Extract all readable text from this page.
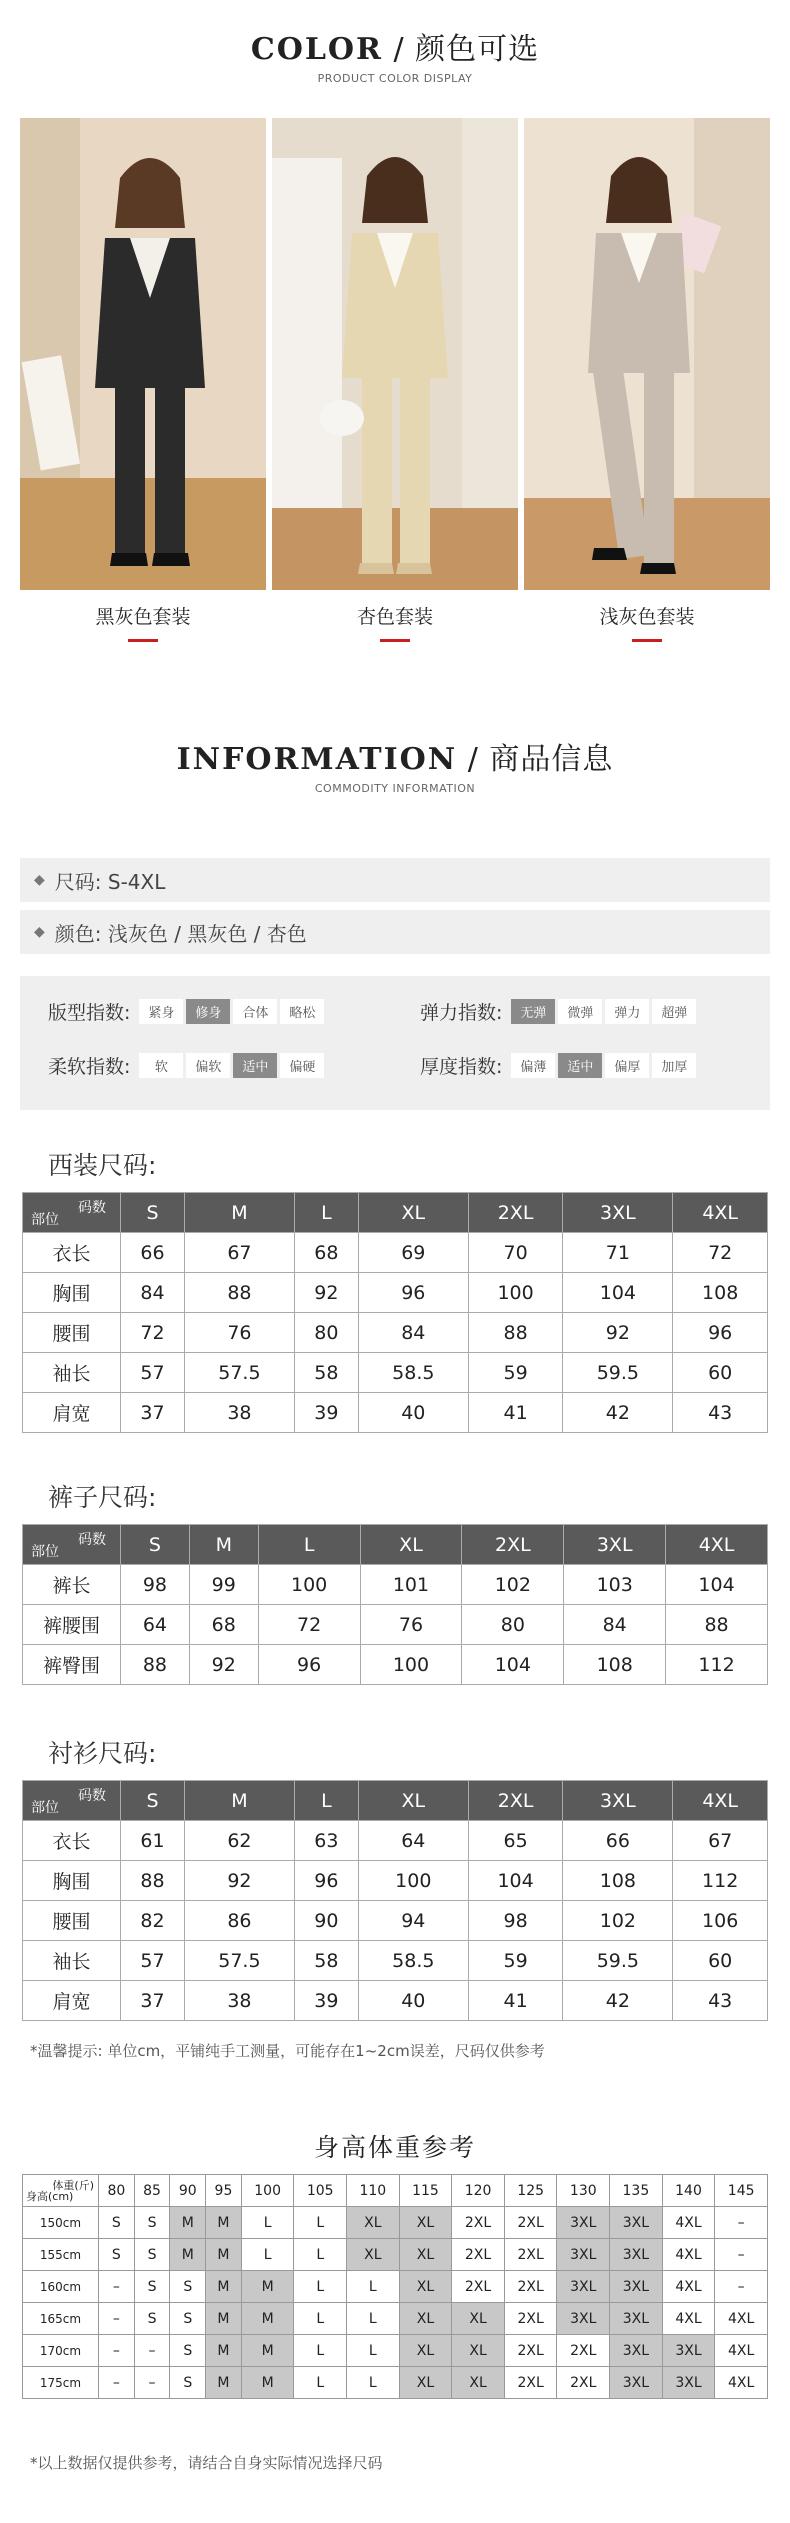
COLOR / 颜色可选
PRODUCT COLOR DISPLAY
黑灰色套装	杏色套装	浅灰色套装
INFORMATION / 商品信息
COMMODITY INFORMATION
◆ 尺码: S-4XL
◆ 颜色: 浅灰色 / 黑灰色 / 杏色
版型指数:	紧身	修身	合体	略松	弹力指数:	无弹	微弹	弹力	超弹
柔软指数:	软	偏软	适中	偏硬	厚度指数:	偏薄	适中	偏厚	加厚
西装尺码:
码数
部位	S	M	L	XL	2XL	3XL	4XL
衣长	66	67	68	69	70	71	72
胸围	84	88	92	96	100	104	108
腰围	72	76	80	84	88	92	96
袖长	57	57.5	58	58.5	59	59.5	60
肩宽	37	38	39	40	41	42	43
裤子尺码:
码数
部位	S	M	L	XL	2XL	3XL	4XL
裤长	98	99	100	101	102	103	104
裤腰围	64	68	72	76	80	84	88
裤臀围	88	92	96	100	104	108	112
衬衫尺码:
码数
部位	S	M	L	XL	2XL	3XL	4XL
衣长	61	62	63	64	65	66	67
胸围	88	92	96	100	104	108	112
腰围	82	86	90	94	98	102	106
袖长	57	57.5	58	58.5	59	59.5	60
肩宽	37	38	39	40	41	42	43
*温馨提示: 单位cm，平铺纯手工测量，可能存在1~2cm误差，尺码仅供参考
身高体重参考
体重(斤)
身高(cm)	80	85	90	95	100	105	110	115	120	125	130	135	140	145
150cm	S	S	M	M	L	L	XL	XL	2XL	2XL	3XL	3XL	4XL	–
155cm	S	S	M	M	L	L	XL	XL	2XL	2XL	3XL	3XL	4XL	–
160cm	–	S	S	M	M	L	L	XL	2XL	2XL	3XL	3XL	4XL	–
165cm	–	S	S	M	M	L	L	XL	XL	2XL	3XL	3XL	4XL	4XL
170cm	–	–	S	M	M	L	L	XL	XL	2XL	2XL	3XL	3XL	4XL
175cm	–	–	S	M	M	L	L	XL	XL	2XL	2XL	3XL	3XL	4XL
*以上数据仅提供参考，请结合自身实际情况选择尺码
